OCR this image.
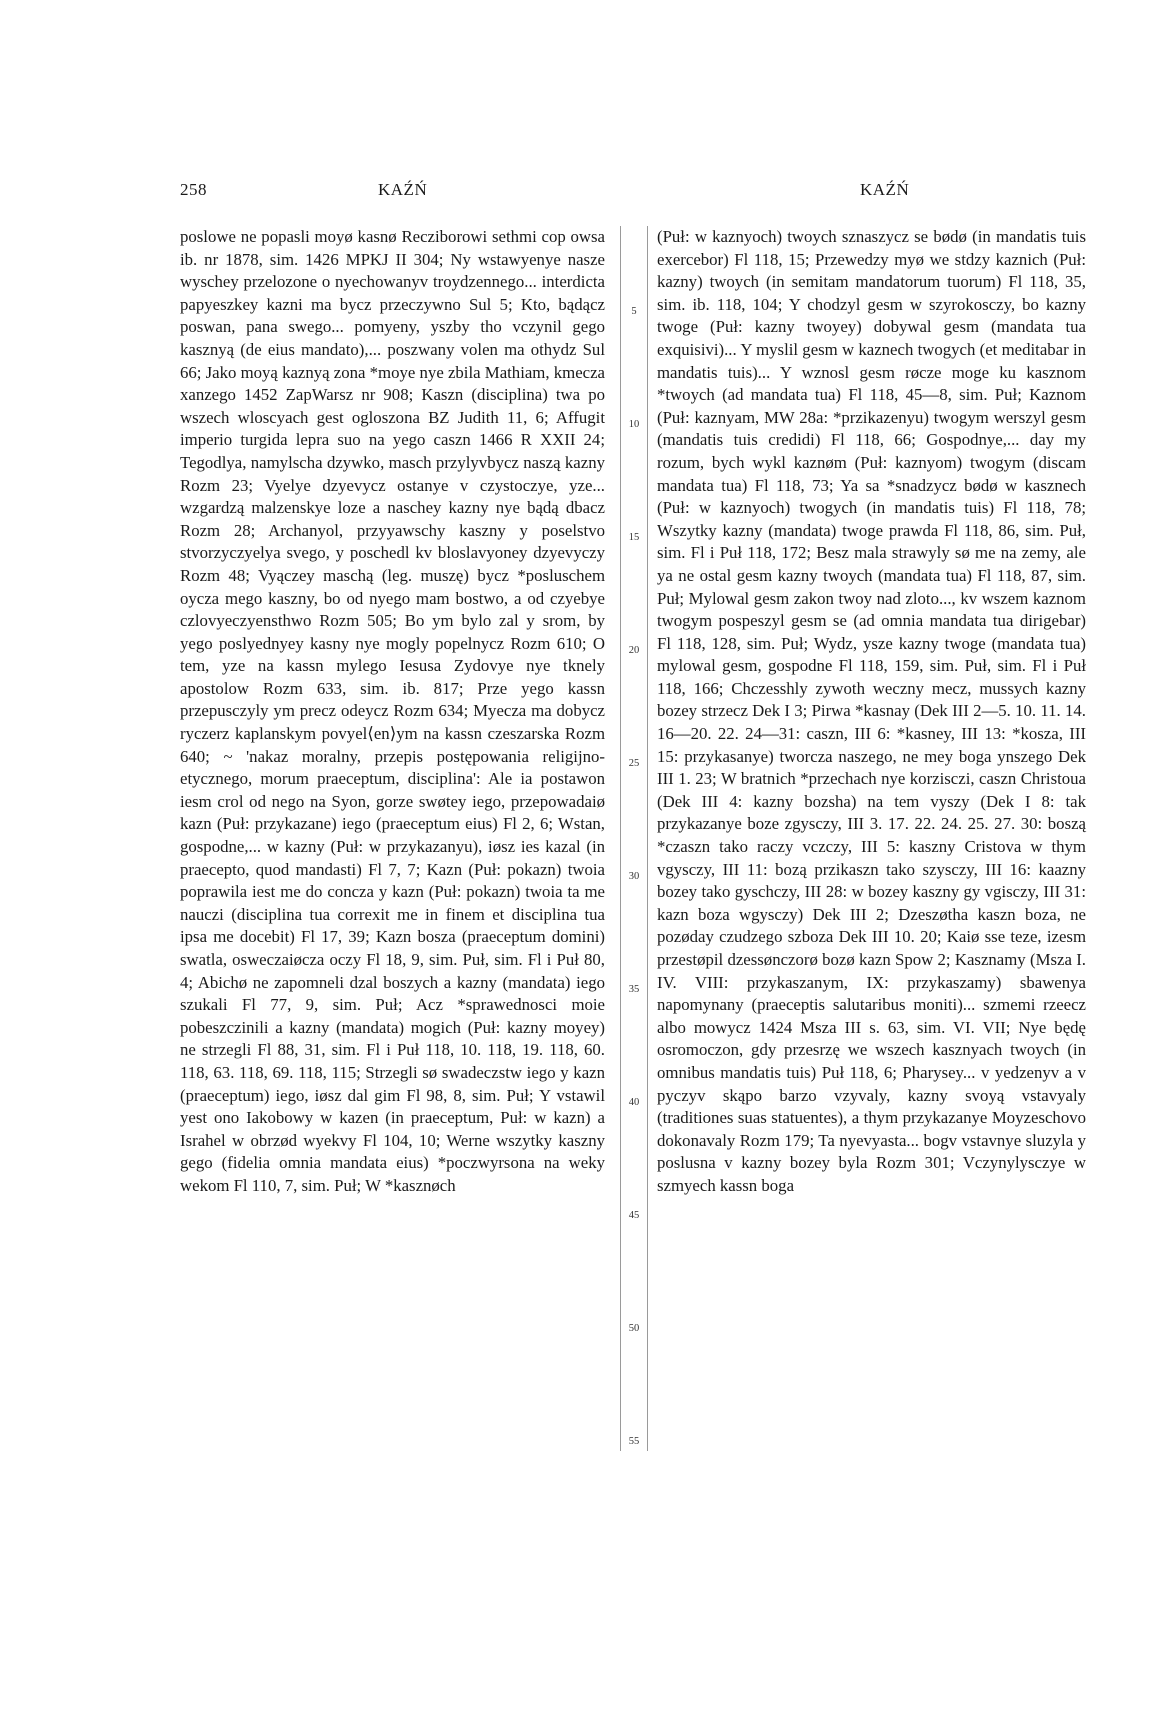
258	KAŹŃ	KAŹŃ

poslowe ne popasli moyø kasnø Recziborowi sethmi cop owsa ib. nr 1878, sim. 1426 MPKJ II 304; Ny wstawyenye nasze wyschey przelozone o nyechowanyv troydzennego... interdicta papyeszkey kazni ma bycz przeczywno Sul 5; Kto, bądącz poswan, pana swego... pomyeny, yszby tho vczynil gego kasznyą (de eius mandato),... poszwany volen ma othydz Sul 66; Jako moyą kaznyą zona *moye nye zbila Mathiam, kmecza xanzego 1452 ZapWarsz nr 908; Kaszn (disciplina) twa po wszech wloscyach gest ogloszona BZ Judith 11, 6; Affugit imperio turgida lepra suo na yego caszn 1466 R XXII 24; Tegodlya, namylscha dzywko, masch przylyvbycz naszą kazny Rozm 23; Vyelye dzyevycz ostanye v czystoczye, yze... wzgardzą malzenskye loze a naschey kazny nye bądą dbacz Rozm 28; Archanyol, przyyawschy kaszny y poselstvo stvorzyczyelya svego, y poschedl kv bloslavyoney dzyevyczy Rozm 48; Vyączey maschą (leg. muszę) bycz *posluschem oycza mego kaszny, bo od nyego mam bostwo, a od czyebye czlovyeczyensthwo Rozm 505; Bo ym bylo zal y srom, by yego poslyednyey kasny nye mogly popelnycz Rozm 610; O tem, yze na kassn mylego Iesusa Zydovye nye tknely apostolow Rozm 633, sim. ib. 817; Prze yego kassn przepusczyly ym precz odeycz Rozm 634; Myecza ma dobycz ryczerz kaplanskym povyel⟨en⟩ym na kassn czeszarska Rozm 640; ~ 'nakaz moralny, przepis postępowania religijno-etycznego, morum praeceptum, disciplina': Ale ia postawon iesm crol od nego na Syon, gorze swøtey iego, przepowadaiø kazn (Puł: przykazane) iego (praeceptum eius) Fl 2, 6; Wstan, gospodne,... w kazny (Puł: w przykazanyu), iøsz ies kazal (in praecepto, quod mandasti) Fl 7, 7; Kazn (Puł: pokazn) twoia poprawila iest me do concza y kazn (Puł: pokazn) twoia ta me nauczi (disciplina tua correxit me in finem et disciplina tua ipsa me docebit) Fl 17, 39; Kazn bosza (praeceptum domini) swatla, osweczaiøcza oczy Fl 18, 9, sim. Puł, sim. Fl i Puł 80, 4; Abichø ne zapomneli dzal boszych a kazny (mandata) iego szukali Fl 77, 9, sim. Puł; Acz *sprawednosci moie pobeszczinili a kazny (mandata) mogich (Puł: kazny moyey) ne strzegli Fl 88, 31, sim. Fl i Puł 118, 10. 118, 19. 118, 60. 118, 63. 118, 69. 118, 115; Strzegli sø swadeczstw iego y kazn (praeceptum) iego, iøsz dal gim Fl 98, 8, sim. Puł; Y vstawil yest ono Iakobowy w kazen (in praeceptum, Puł: w kazn) a Israhel w obrzød wyekvy Fl 104, 10; Werne wszytky kaszny gego (fidelia omnia mandata eius) *poczwyrsona na weky wekom Fl 110, 7, sim. Puł; W *kasznøch

5
10
15
20
25
30
35
40
45
50
55

(Puł: w kaznyoch) twoych sznaszycz se bødø (in mandatis tuis exercebor) Fl 118, 15; Przewedzy myø we stdzy kaznich (Puł: kazny) twoych (in semitam mandatorum tuorum) Fl 118, 35, sim. ib. 118, 104; Y chodzyl gesm w szyrokosczy, bo kazny twoge (Puł: kazny twoyey) dobywal gesm (mandata tua exquisivi)... Y myslil gesm w kaznech twogych (et meditabar in mandatis tuis)... Y wznosl gesm røcze moge ku kasznom *twoych (ad mandata tua) Fl 118, 45—8, sim. Puł; Kaznom (Puł: kaznyam, MW 28a: *przikazenyu) twogym werszyl gesm (mandatis tuis credidi) Fl 118, 66; Gospodnye,... day my rozum, bych wykl kaznøm (Puł: kaznyom) twogym (discam mandata tua) Fl 118, 73; Ya sa *snadzycz bødø w kasznech (Puł: w kaznyoch) twogych (in mandatis tuis) Fl 118, 78; Wszytky kazny (mandata) twoge prawda Fl 118, 86, sim. Puł, sim. Fl i Puł 118, 172; Besz mala strawyly sø me na zemy, ale ya ne ostal gesm kazny twoych (mandata tua) Fl 118, 87, sim. Puł; Mylowal gesm zakon twoy nad zloto..., kv wszem kaznom twogym pospeszyl gesm se (ad omnia mandata tua dirigebar) Fl 118, 128, sim. Puł; Wydz, ysze kazny twoge (mandata tua) mylowal gesm, gospodne Fl 118, 159, sim. Puł, sim. Fl i Puł 118, 166; Chczesshly zywoth weczny mecz, mussych kazny bozey strzecz Dek I 3; Pirwa *kasnay (Dek III 2—5. 10. 11. 14. 16—20. 22. 24—31: caszn, III 6: *kasney, III 13: *kosza, III 15: przykasanye) tworcza naszego, ne mey boga ynszego Dek III 1. 23; W bratnich *przechach nye korzisczi, caszn Christoua (Dek III 4: kazny bozsha) na tem vyszy (Dek I 8: tak przykazanye boze zgysczy, III 3. 17. 22. 24. 25. 27. 30: boszą *czaszn tako raczy vczczy, III 5: kaszny Cristova w thym vgysczy, III 11: bozą przikaszn tako szysczy, III 16: kaazny bozey tako gyschczy, III 28: w bozey kaszny gy vgisczy, III 31: kazn boza wgysczy) Dek III 2; Dzeszøtha kaszn boza, ne pozøday czudzego szboza Dek III 10. 20; Kaiø sse teze, izesm przestøpil dzessønczorø bozø kazn Spow 2; Kasznamy (Msza I. IV. VIII: przykaszanym, IX: przykaszamy) sbawenya napomynany (praeceptis salutaribus moniti)... szmemi rzeecz albo mowycz 1424 Msza III s. 63, sim. VI. VII; Nye będę osromoczon, gdy przesrzę we wszech kasznyach twoych (in omnibus mandatis tuis) Puł 118, 6; Pharysey... v yedzenyv a v pyczyv skąpo barzo vzyvaly, kazny svoyą vstavyaly (traditiones suas statuentes), a thym przykazanye Moyzeschovo dokonavaly Rozm 179; Ta nyevyasta... bogv vstavnye sluzyla y poslusna v kazny bozey byla Rozm 301; Vczynylysczye w szmyech kassn boga
